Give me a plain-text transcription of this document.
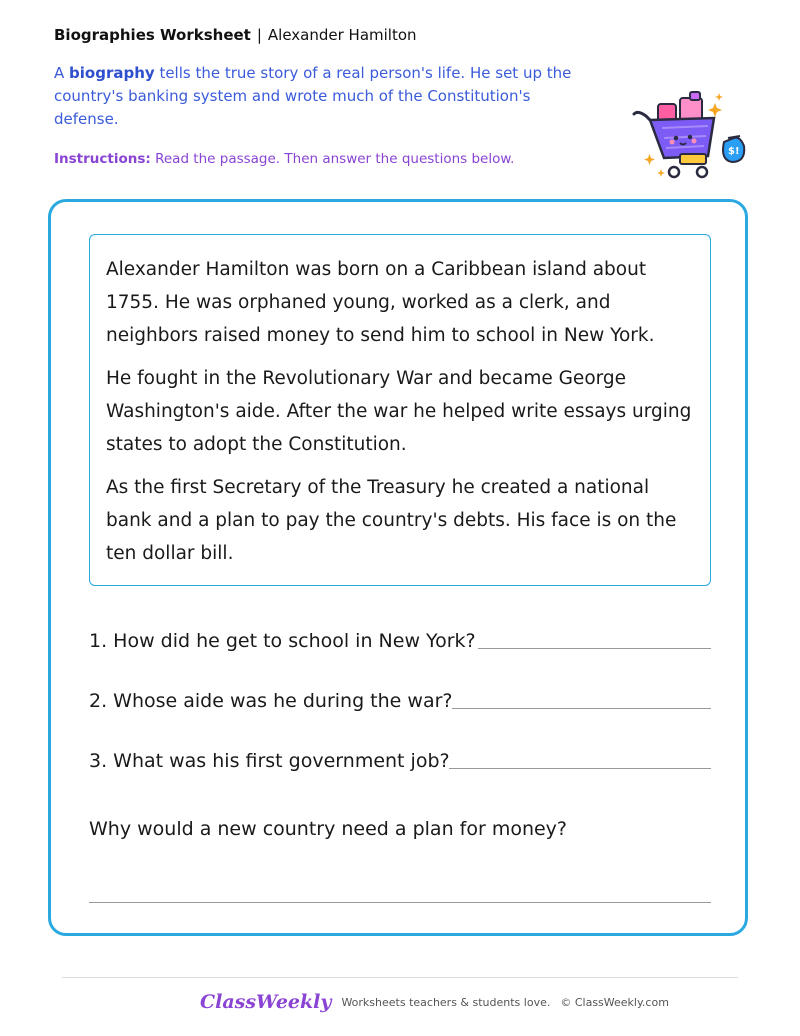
Biographies Worksheet | Alexander Hamilton
A biography tells the true story of a real person's life. He set up the country's banking system and wrote much of the Constitution's defense.
Instructions: Read the passage. Then answer the questions below.	$!

Alexander Hamilton was born on a Caribbean island about 1755. He was orphaned young, worked as a clerk, and neighbors raised money to send him to school in New York.

He fought in the Revolutionary War and became George Washington's aide. After the war he helped write essays urging states to adopt the Constitution.

As the first Secretary of the Treasury he created a national bank and a plan to pay the country's debts. His face is on the ten dollar bill.

1. How did he get to school in New York?
2. Whose aide was he during the war?
3. What was his first government job?
Why would a new country need a plan for money?
ClassWeekly Worksheets teachers & students love. © ClassWeekly.com
